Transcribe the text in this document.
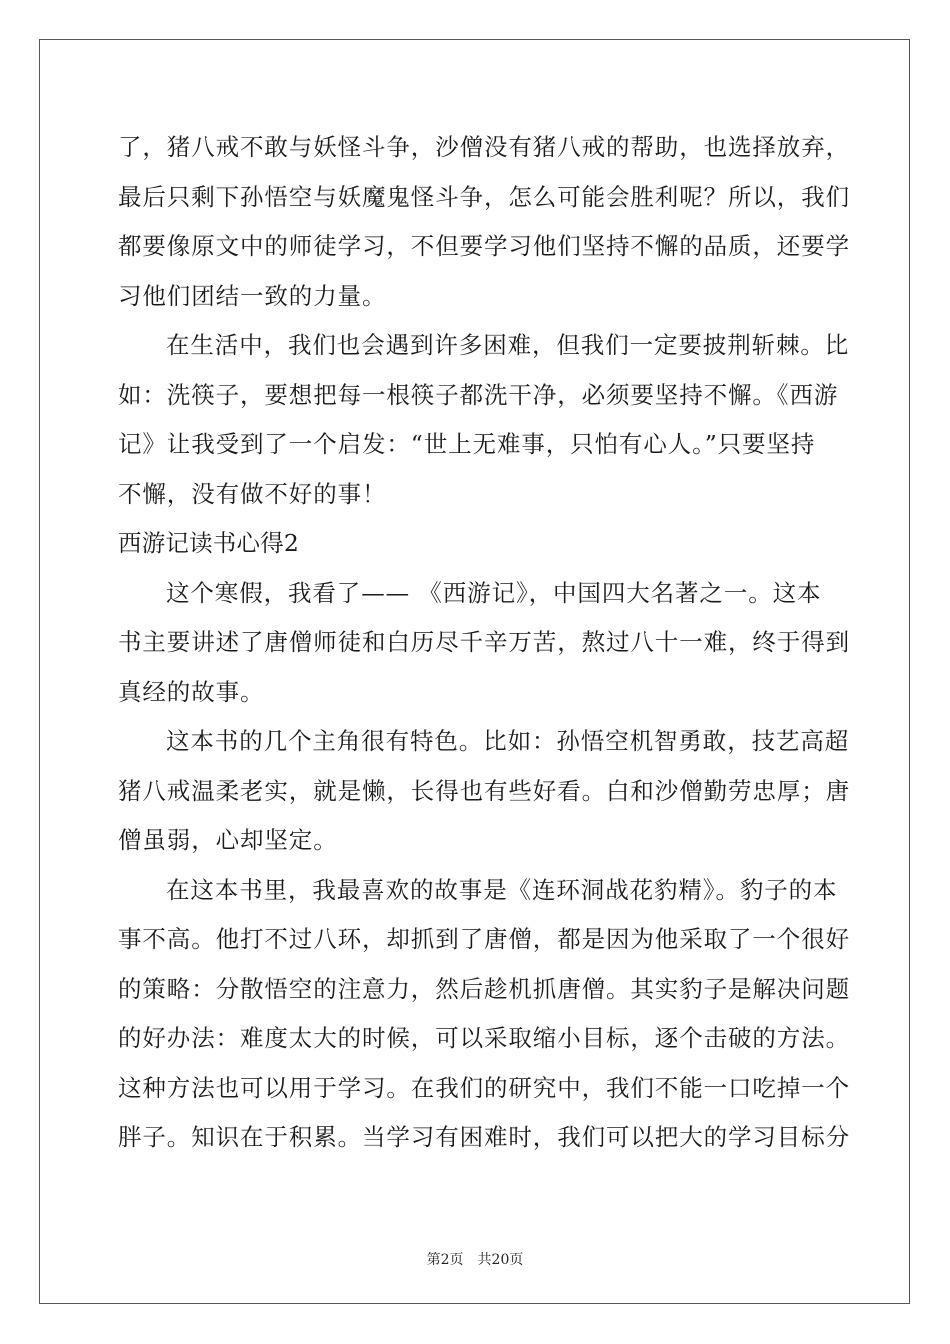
了，猪八戒不敢与妖怪斗争，沙僧没有猪八戒的帮助，也选择放弃，
最后只剩下孙悟空与妖魔鬼怪斗争，怎么可能会胜利呢？所以，我们
都要像原文中的师徒学习，不但要学习他们坚持不懈的品质，还要学
习他们团结一致的力量。
在生活中，我们也会遇到许多困难，但我们一定要披荆斩棘。比
如：洗筷子，要想把每一根筷子都洗干净，必须要坚持不懈。《西游
记》让我受到了一个启发：“世上无难事，只怕有心人。”只要坚持
不懈，没有做不好的事！
西游记读书心得2
这个寒假，我看了—— 《西游记》，中国四大名著之一。这本
书主要讲述了唐僧师徒和白历尽千辛万苦，熬过八十一难，终于得到
真经的故事。
这本书的几个主角很有特色。比如：孙悟空机智勇敢，技艺高超
猪八戒温柔老实，就是懒，长得也有些好看。白和沙僧勤劳忠厚；唐
僧虽弱，心却坚定。
在这本书里，我最喜欢的故事是《连环洞战花豹精》。豹子的本
事不高。他打不过八环，却抓到了唐僧，都是因为他采取了一个很好
的策略：分散悟空的注意力，然后趁机抓唐僧。其实豹子是解决问题
的好办法：难度太大的时候，可以采取缩小目标，逐个击破的方法。
这种方法也可以用于学习。在我们的研究中，我们不能一口吃掉一个
胖子。知识在于积累。当学习有困难时，我们可以把大的学习目标分
第2页 共20页
